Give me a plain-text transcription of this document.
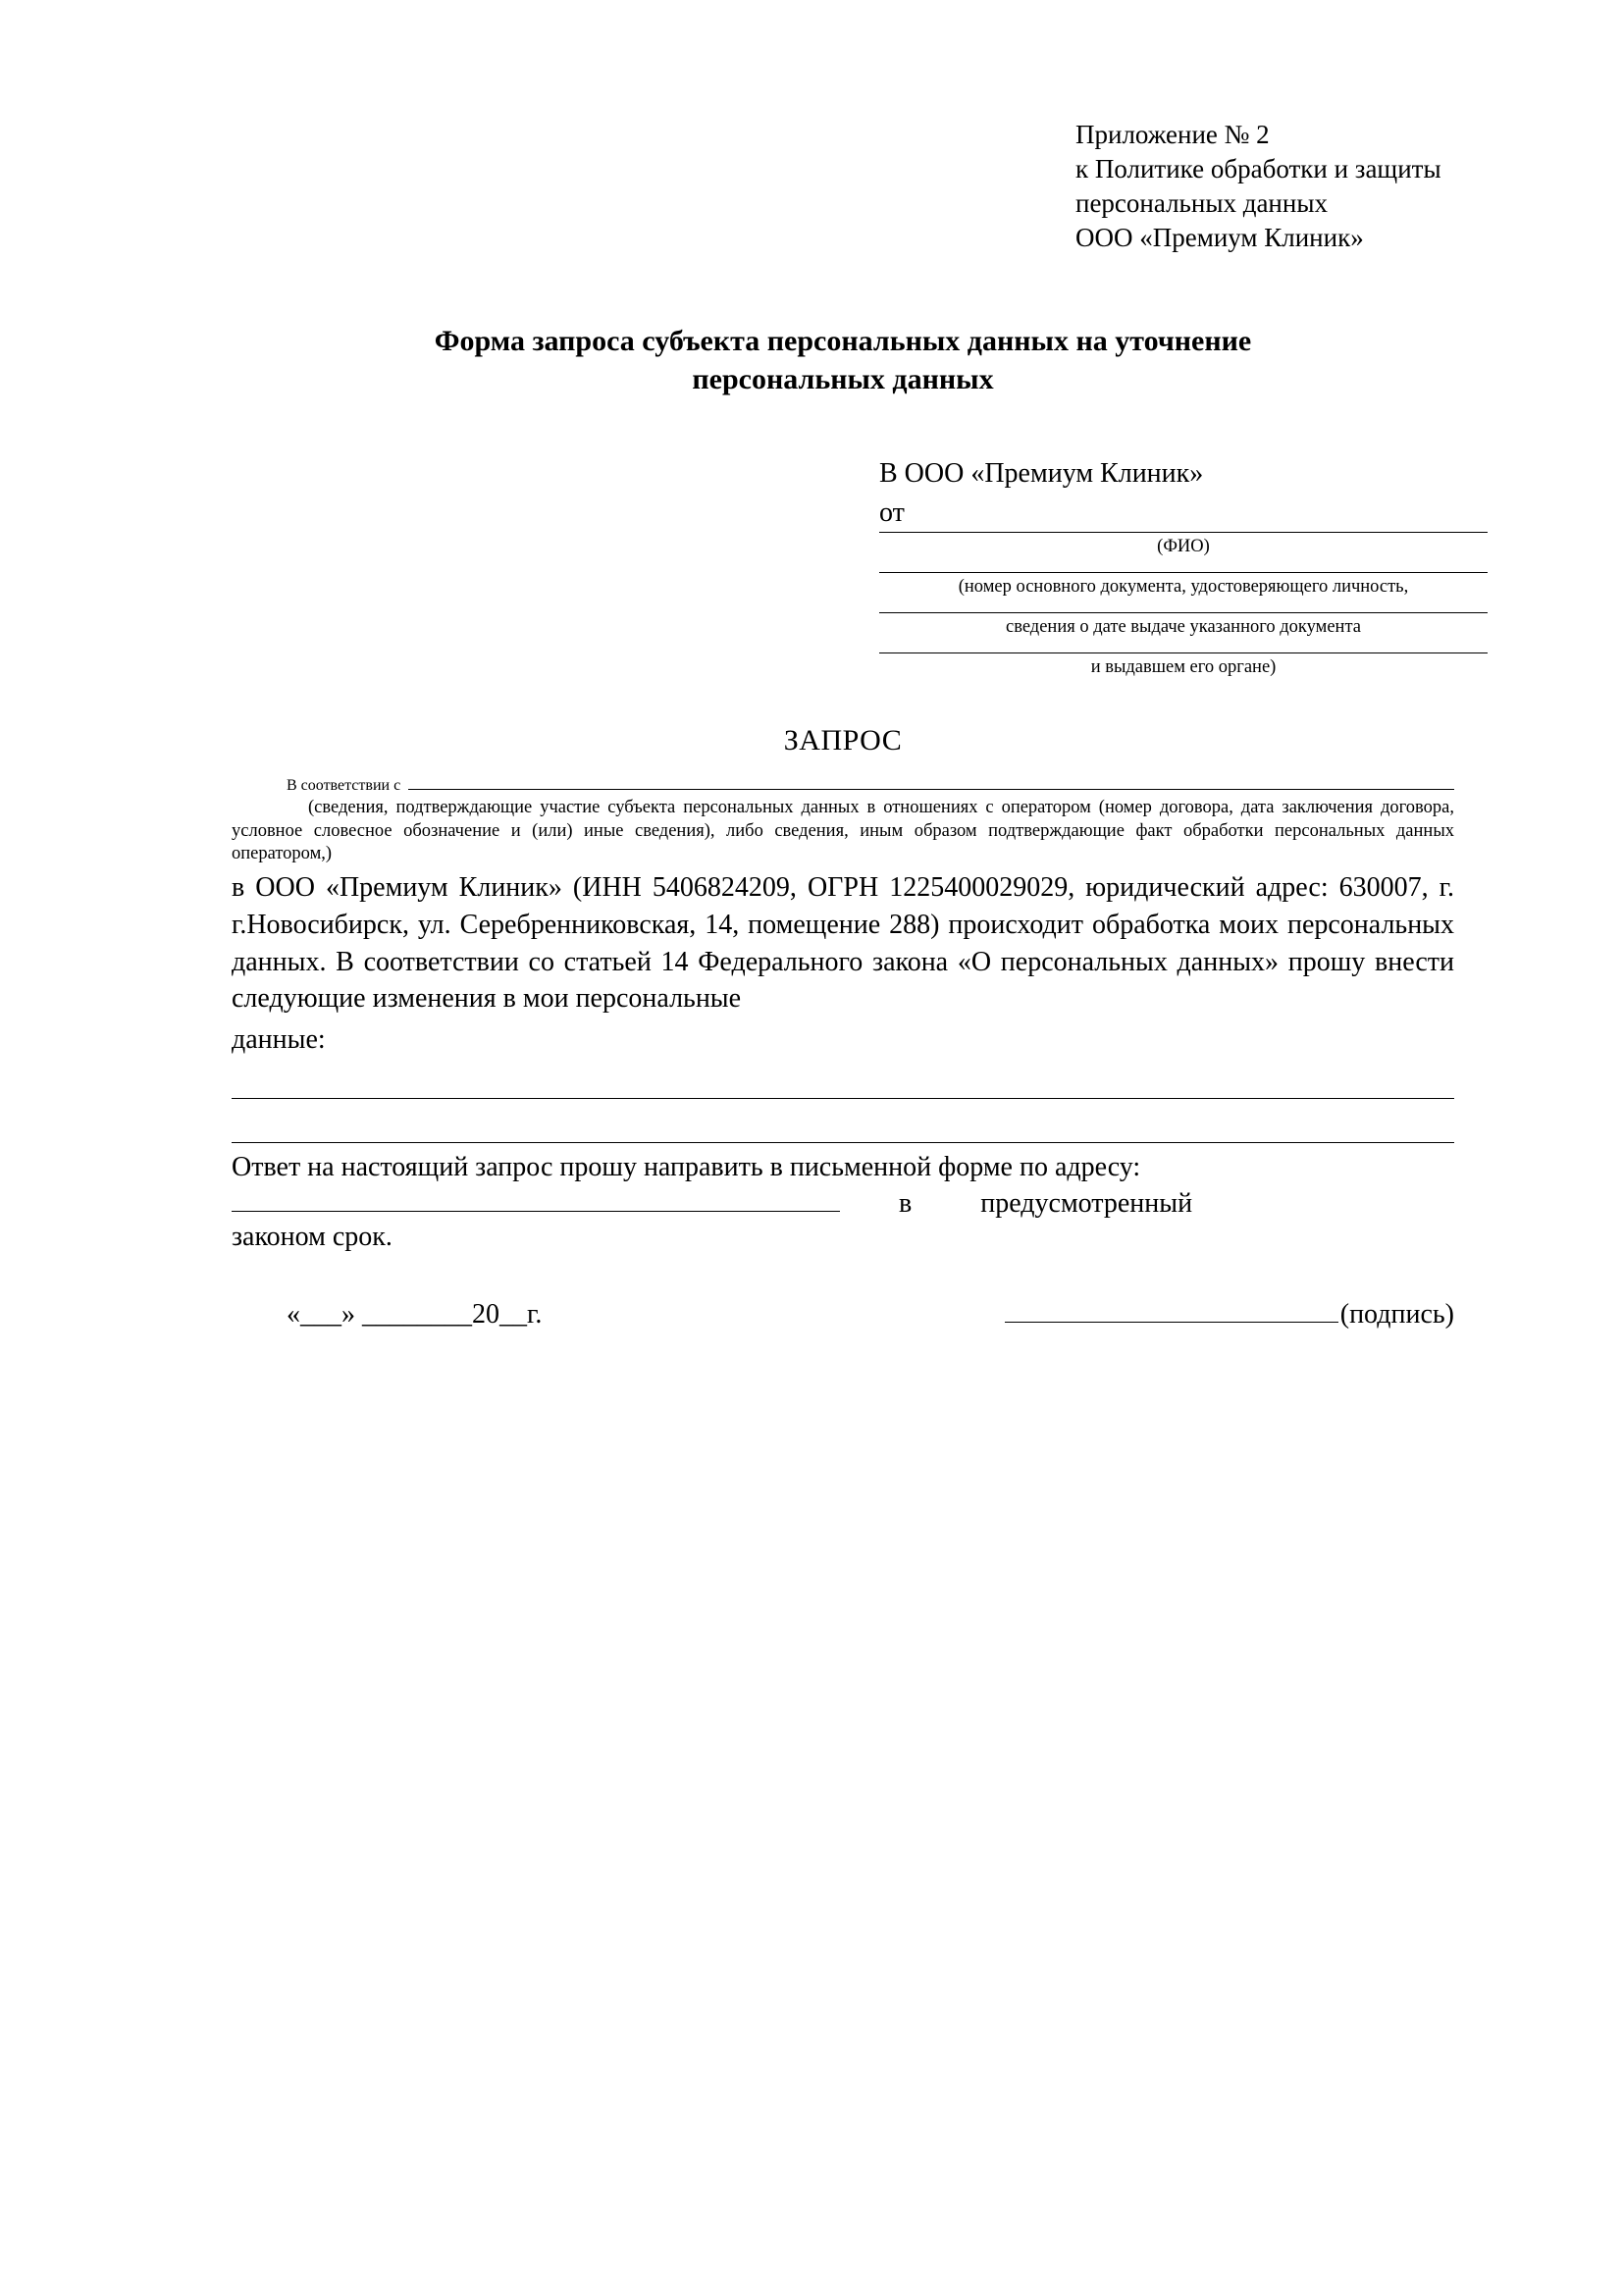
Приложение № 2
к Политике обработки и защиты
персональных данных
ООО «Премиум Клиник»
Форма запроса субъекта персональных данных на уточнение
персональных данных
В ООО «Премиум Клиник»
от
(ФИО)
(номер основного документа, удостоверяющего личность,
сведения о дате выдаче указанного документа
и выдавшем его органе)
ЗАПРОС
В соответствии с
(сведения, подтверждающие участие субъекта персональных данных в отношениях с оператором (номер договора, дата заключения договора, условное словесное обозначение и (или) иные сведения), либо сведения, иным образом подтверждающие факт обработки персональных данных оператором,)
в ООО «Премиум Клиник» (ИНН 5406824209, ОГРН 1225400029029, юридический адрес: 630007, г. г.Новосибирск, ул. Серебренниковская, 14, помещение 288) происходит обработка моих персональных данных. В соответствии со статьей 14 Федерального закона «О персональных данных» прошу внести следующие изменения в мои персональные
данные:
Ответ на настоящий запрос прошу направить в письменной форме по адресу:
в	предусмотренный
законом срок.
«___» ________20__г.	(подпись)
